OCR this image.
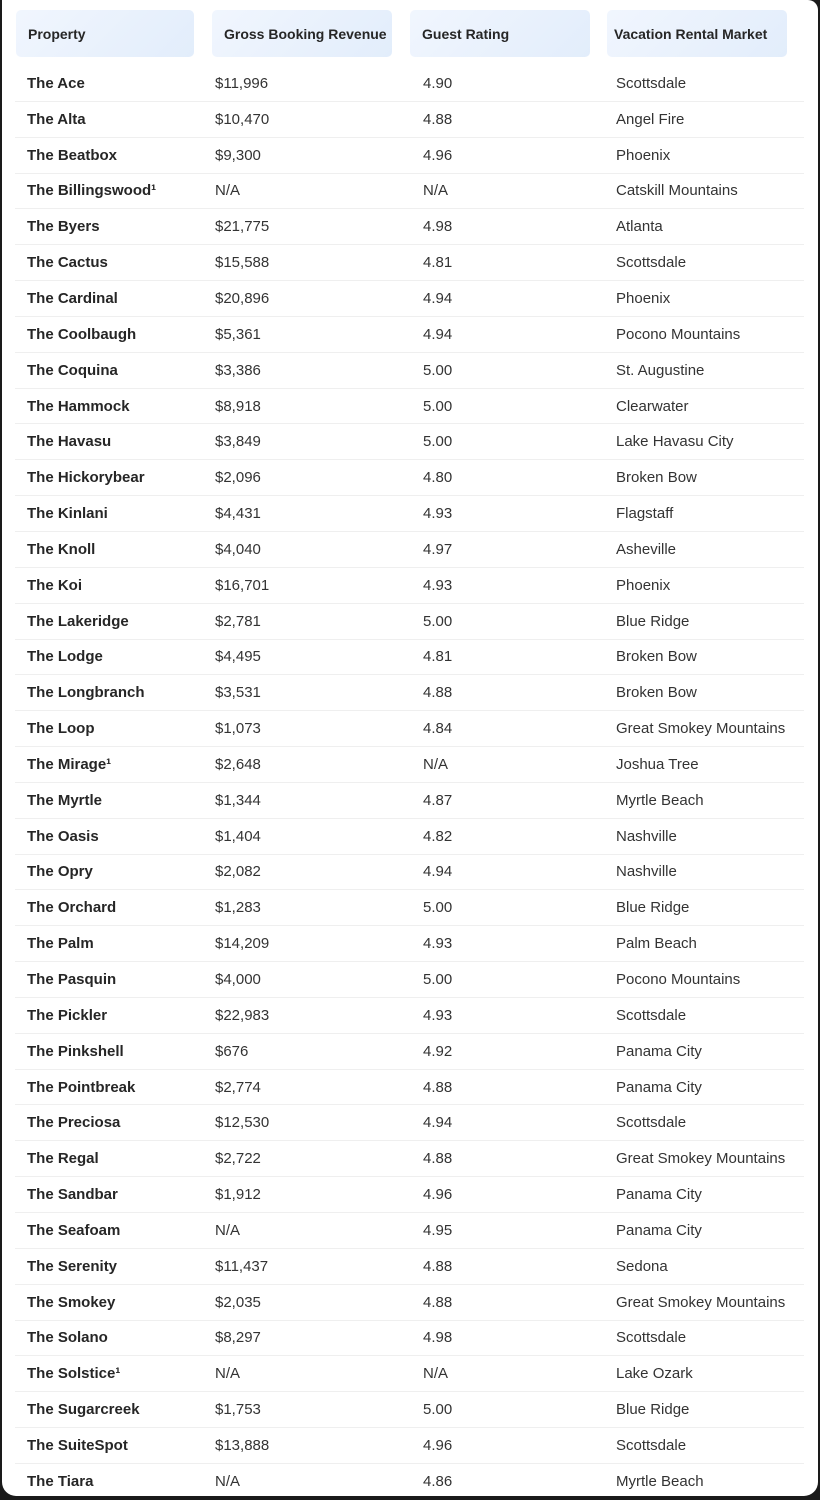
Property	Gross Booking Revenue	Guest Rating	Vacation Rental Market
The Ace	$11,996	4.90	Scottsdale
The Alta	$10,470	4.88	Angel Fire
The Beatbox	$9,300	4.96	Phoenix
The Billingswood¹	N/A	N/A	Catskill Mountains
The Byers	$21,775	4.98	Atlanta
The Cactus	$15,588	4.81	Scottsdale
The Cardinal	$20,896	4.94	Phoenix
The Coolbaugh	$5,361	4.94	Pocono Mountains
The Coquina	$3,386	5.00	St. Augustine
The Hammock	$8,918	5.00	Clearwater
The Havasu	$3,849	5.00	Lake Havasu City
The Hickorybear	$2,096	4.80	Broken Bow
The Kinlani	$4,431	4.93	Flagstaff
The Knoll	$4,040	4.97	Asheville
The Koi	$16,701	4.93	Phoenix
The Lakeridge	$2,781	5.00	Blue Ridge
The Lodge	$4,495	4.81	Broken Bow
The Longbranch	$3,531	4.88	Broken Bow
The Loop	$1,073	4.84	Great Smokey Mountains
The Mirage¹	$2,648	N/A	Joshua Tree
The Myrtle	$1,344	4.87	Myrtle Beach
The Oasis	$1,404	4.82	Nashville
The Opry	$2,082	4.94	Nashville
The Orchard	$1,283	5.00	Blue Ridge
The Palm	$14,209	4.93	Palm Beach
The Pasquin	$4,000	5.00	Pocono Mountains
The Pickler	$22,983	4.93	Scottsdale
The Pinkshell	$676	4.92	Panama City
The Pointbreak	$2,774	4.88	Panama City
The Preciosa	$12,530	4.94	Scottsdale
The Regal	$2,722	4.88	Great Smokey Mountains
The Sandbar	$1,912	4.96	Panama City
The Seafoam	N/A	4.95	Panama City
The Serenity	$11,437	4.88	Sedona
The Smokey	$2,035	4.88	Great Smokey Mountains
The Solano	$8,297	4.98	Scottsdale
The Solstice¹	N/A	N/A	Lake Ozark
The Sugarcreek	$1,753	5.00	Blue Ridge
The SuiteSpot	$13,888	4.96	Scottsdale
The Tiara	N/A	4.86	Myrtle Beach
